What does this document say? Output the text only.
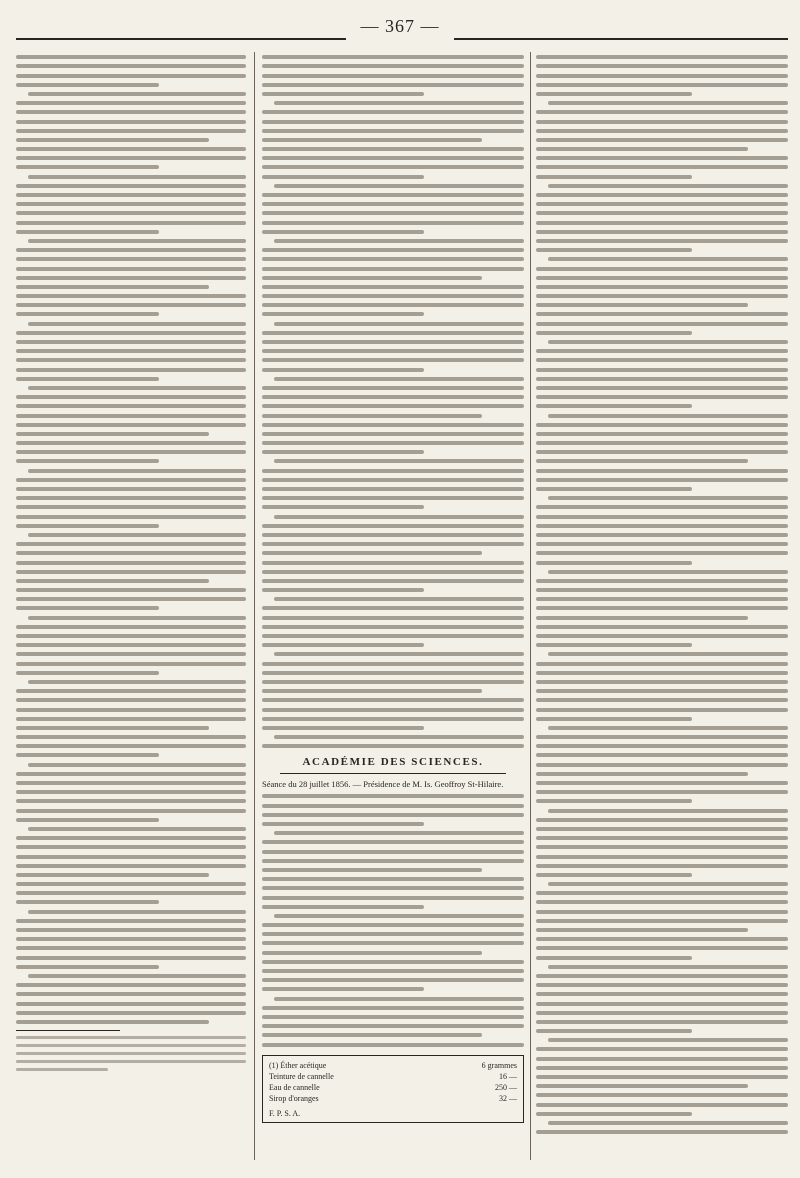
— 367 —
ACADÉMIE DES SCIENCES.
Séance du 28 juillet 1856. — Présidence de M. Is. Geoffroy St-Hilaire.
(1) Éther acétique	6 grammes
Teinture de cannelle	16 —
Eau de cannelle	250 —
Sirop d'oranges	32 —
F. P. S. A.
